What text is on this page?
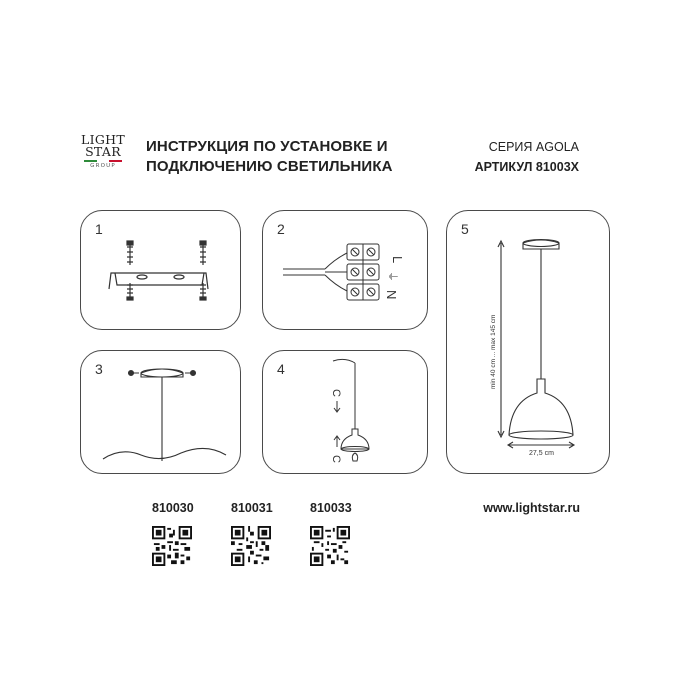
LIGHT
STAR
GROUP
ИНСТРУКЦИЯ ПО УСТАНОВКЕ И
ПОДКЛЮЧЕНИЮ СВЕТИЛЬНИКА
СЕРИЯ AGOLA
АРТИКУЛ 81003X
1	2
L
⏚
N
3	4
C
C
5
min 40 cm ... max 145 cm
27,5 cm
810030	810031	810033	www.lightstar.ru
